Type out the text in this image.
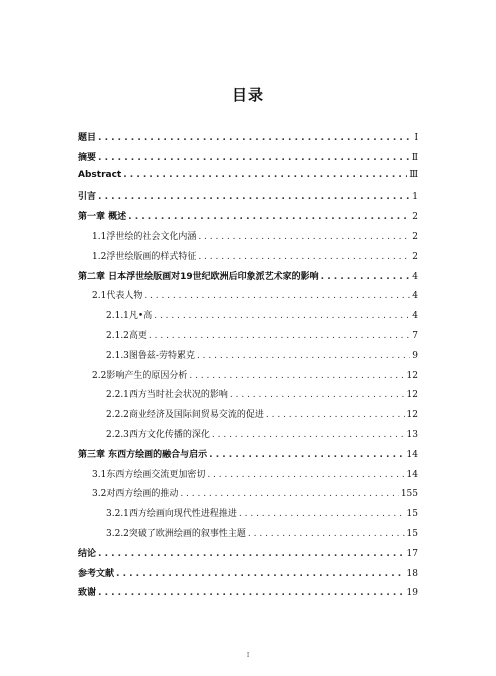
目录
题目 . . .	Ⅰ
摘要 . . .	Ⅱ
Abstract . . .	Ⅲ
引言 . . .	1
第一章 概述 . . .	2
1.1浮世绘的社会文化内涵 . . .	2
1.2浮世绘版画的样式特征 . . .	2
第二章 日本浮世绘版画对19世纪欧洲后印象派艺术家的影响 . . .	4
2.1代表人物 . . .	4
2.1.1凡•高 . . .	4
2.1.2高更 . . .	7
2.1.3图鲁兹-劳特累克 . . .	9
2.2影响产生的原因分析 . . .	12
2.2.1西方当时社会状况的影响 . . .	12
2.2.2商业经济及国际间贸易交流的促进 . . .	12
2.2.3西方文化传播的深化 . . .	13
第三章 东西方绘画的融合与启示 . . .	14
3.1东西方绘画交流更加密切 . . .	14
3.2对西方绘画的推动 . . .	155
3.2.1西方绘画向现代性进程推进 . . .	15
3.2.2突破了欧洲绘画的叙事性主题 . . .	15
结论 . . .	17
参考文献 . . .	18
致谢 . . .	19
I
